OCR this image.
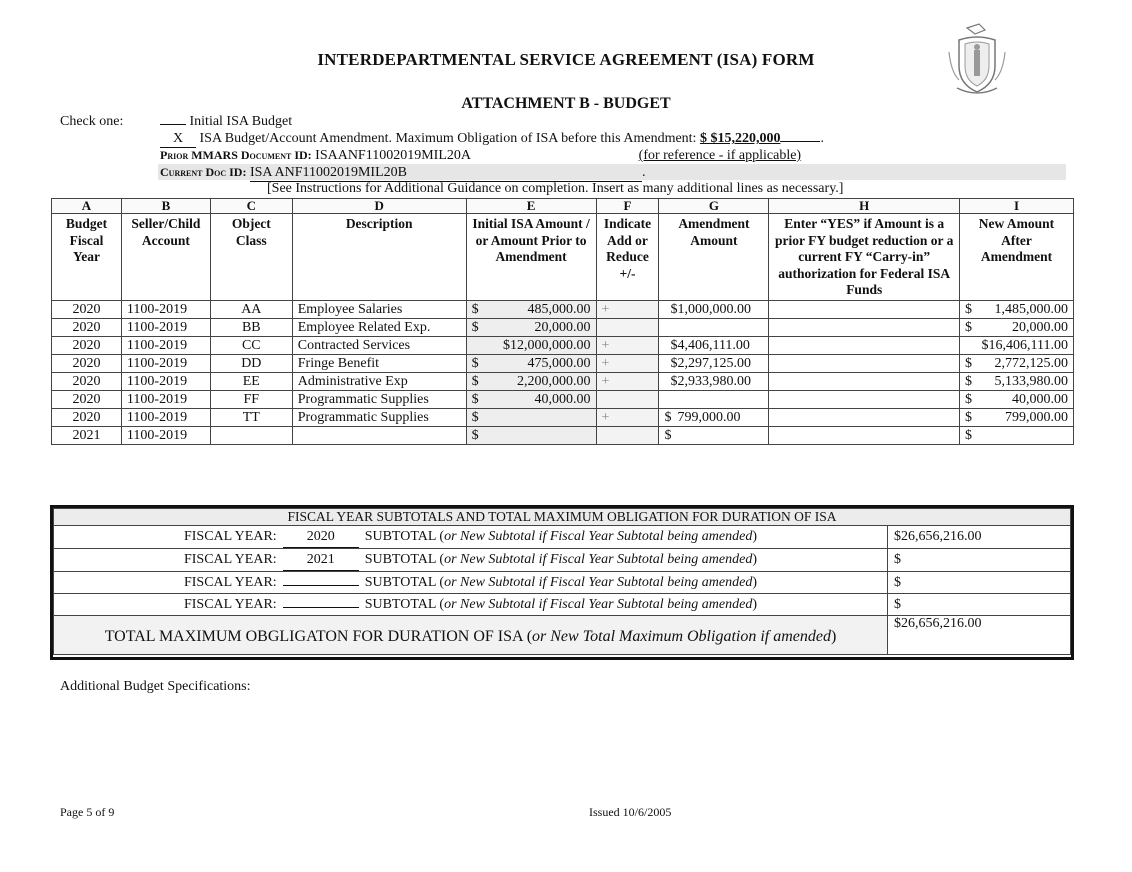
INTERDEPARTMENTAL SERVICE AGREEMENT (ISA) FORM
ATTACHMENT B - BUDGET
Check one:	Initial ISA Budget
X ISA Budget/Account Amendment. Maximum Obligation of ISA before this Amendment: $ $15,220,000	.
Prior MMARS Document ID: ISAANF11002019MIL20A	(for reference - if applicable)
Current Doc ID: ISA ANF11002019MIL20B	.
[See Instructions for Additional Guidance on completion. Insert as many additional lines as necessary.]
A	B	C	D	E	F	G	H	I
Budget Fiscal Year	Seller/Child Account	Object Class	Description	Initial ISA Amount / or Amount Prior to Amendment	Indicate Add or Reduce +/-	Amendment Amount	Enter “YES” if Amount is a prior FY budget reduction or a current FY “Carry-in” authorization for Federal ISA Funds	New Amount After Amendment
2020	1100-2019	AA	Employee Salaries	$ 485,000.00	+	$1,000,000.00		$ 1,485,000.00

2020	1100-2019	BB	Employee Related Exp.	$ 20,000.00				$ 20,000.00

2020	1100-2019	CC	Contracted Services	$12,000,000.00	+	$4,406,111.00		$16,406,111.00

2020	1100-2019	DD	Fringe Benefit	$ 475,000.00	+	$2,297,125.00		$ 2,772,125.00

2020	1100-2019	EE	Administrative Exp	$ 2,200,000.00	+	$2,933,980.00		$ 5,133,980.00

2020	1100-2019	FF	Programmatic Supplies	$ 40,000.00				$ 40,000.00

2020	1100-2019	TT	Programmatic Supplies	$	+	$ 799,000.00		$ 799,000.00

2021	1100-2019			$		$		$
FISCAL YEAR SUBTOTALS AND TOTAL MAXIMUM OBLIGATION FOR DURATION OF ISA	
FISCAL YEAR: 2020 SUBTOTAL (or New Subtotal if Fiscal Year Subtotal being amended)	$26,656,216.00
FISCAL YEAR: 2021 SUBTOTAL (or New Subtotal if Fiscal Year Subtotal being amended)	$
FISCAL YEAR: SUBTOTAL (or New Subtotal if Fiscal Year Subtotal being amended)	$
FISCAL YEAR: SUBTOTAL (or New Subtotal if Fiscal Year Subtotal being amended)	$
TOTAL MAXIMUM OBGLIGATON FOR DURATION OF ISA (or New Total Maximum Obligation if amended)	$26,656,216.00
Additional Budget Specifications:
Page 5 of 9	Issued 10/6/2005
